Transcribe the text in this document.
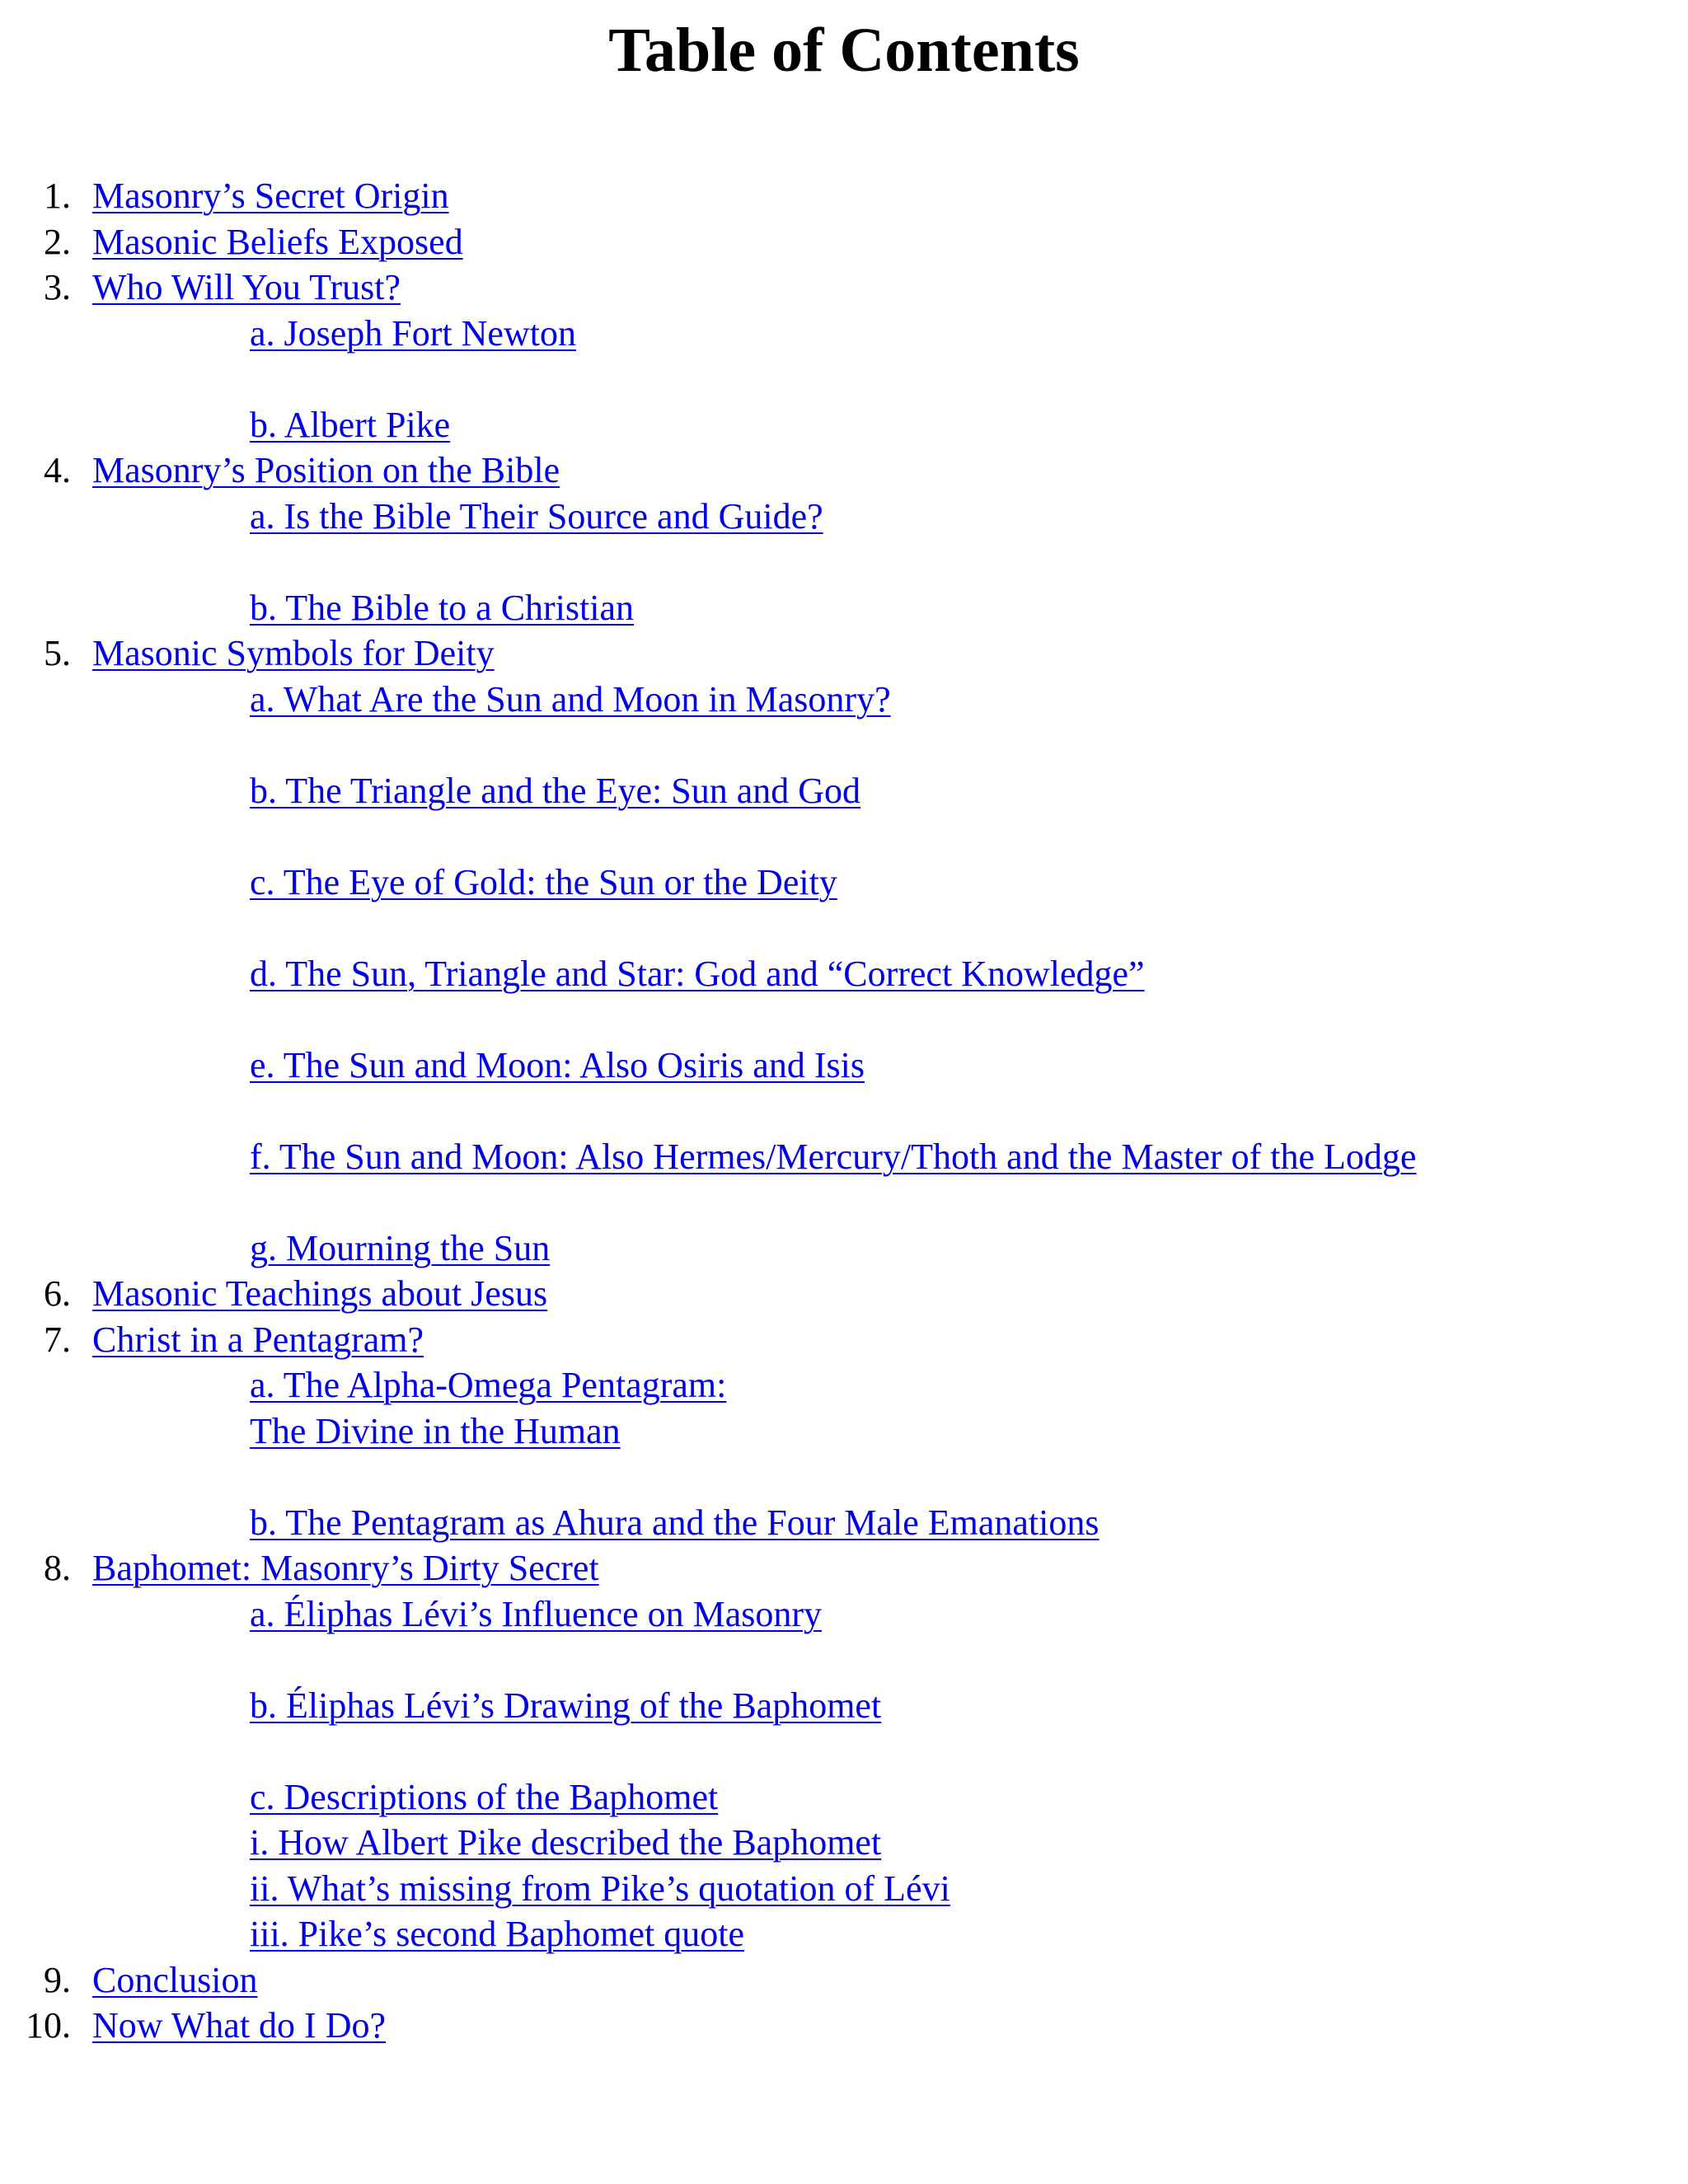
Table of Contents
1. Masonry’s Secret Origin
2. Masonic Beliefs Exposed
3. Who Will You Trust?
a. Joseph Fort Newton
b. Albert Pike
4. Masonry’s Position on the Bible
a. Is the Bible Their Source and Guide?
b. The Bible to a Christian
5. Masonic Symbols for Deity
a. What Are the Sun and Moon in Masonry?
b. The Triangle and the Eye: Sun and God
c. The Eye of Gold: the Sun or the Deity
d. The Sun, Triangle and Star: God and “Correct Knowledge”
e. The Sun and Moon: Also Osiris and Isis
f. The Sun and Moon: Also Hermes/Mercury/Thoth and the Master of the Lodge
g. Mourning the Sun
6. Masonic Teachings about Jesus
7. Christ in a Pentagram?
a. The Alpha-Omega Pentagram:
The Divine in the Human
b. The Pentagram as Ahura and the Four Male Emanations
8. Baphomet: Masonry’s Dirty Secret
a. Éliphas Lévi’s Influence on Masonry
b. Éliphas Lévi’s Drawing of the Baphomet
c. Descriptions of the Baphomet
i. How Albert Pike described the Baphomet
ii. What’s missing from Pike’s quotation of Lévi
iii. Pike’s second Baphomet quote
9. Conclusion
10. Now What do I Do?
